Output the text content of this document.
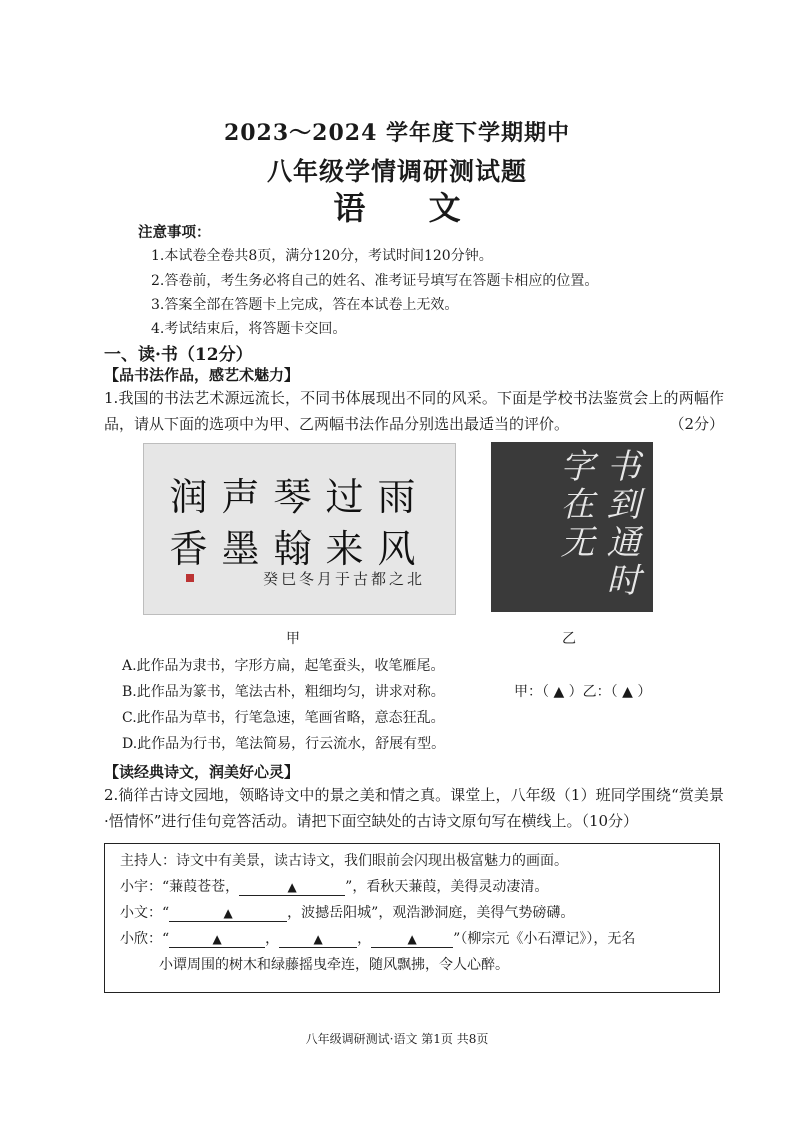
2023～2024 学年度下学期期中
八年级学情调研测试题
语 文
注意事项：
1.本试卷全卷共8页，满分120分，考试时间120分钟。
2.答卷前，考生务必将自己的姓名、准考证号填写在答题卡相应的位置。
3.答案全部在答题卡上完成，答在本试卷上无效。
4.考试结束后，将答题卡交回。
一、读·书（12分）
【品书法作品，感艺术魅力】
1.我国的书法艺术源远流长，不同书体展现出不同的风采。下面是学校书法鉴赏会上的两幅作品，请从下面的选项中为甲、乙两幅书法作品分别选出最适当的评价。	（2分）
润声琴过雨
香墨翰来风
癸巳冬月于古都之北	书到通时字在无
甲	乙
A.此作品为隶书，字形方扁，起笔蚕头，收笔雁尾。
B.此作品为篆书，笔法古朴，粗细均匀，讲求对称。
C.此作品为草书，行笔急速，笔画省略，意态狂乱。
D.此作品为行书，笔法简易，行云流水，舒展有型。
甲：（ ▲ ）乙：（ ▲ ）
【读经典诗文，润美好心灵】
2.徜徉古诗文园地，领略诗文中的景之美和情之真。课堂上，八年级（1）班同学围绕“赏美景·悟情怀”进行佳句竞答活动。请把下面空缺处的古诗文原句写在横线上。（10分）
主持人：诗文中有美景，读古诗文，我们眼前会闪现出极富魅力的画面。
小宇：“蒹葭苍苍，	▲	”，看秋天蒹葭，美得灵动凄清。
小文：“	▲	，波撼岳阳城”，观浩渺洞庭，美得气势磅礴。
小欣：“	▲	，	▲ ，	▲	”（柳宗元《小石潭记》），无名
小谭周围的树木和绿藤摇曳牵连，随风飘拂，令人心醉。
八年级调研测试·语文 第1页 共8页
